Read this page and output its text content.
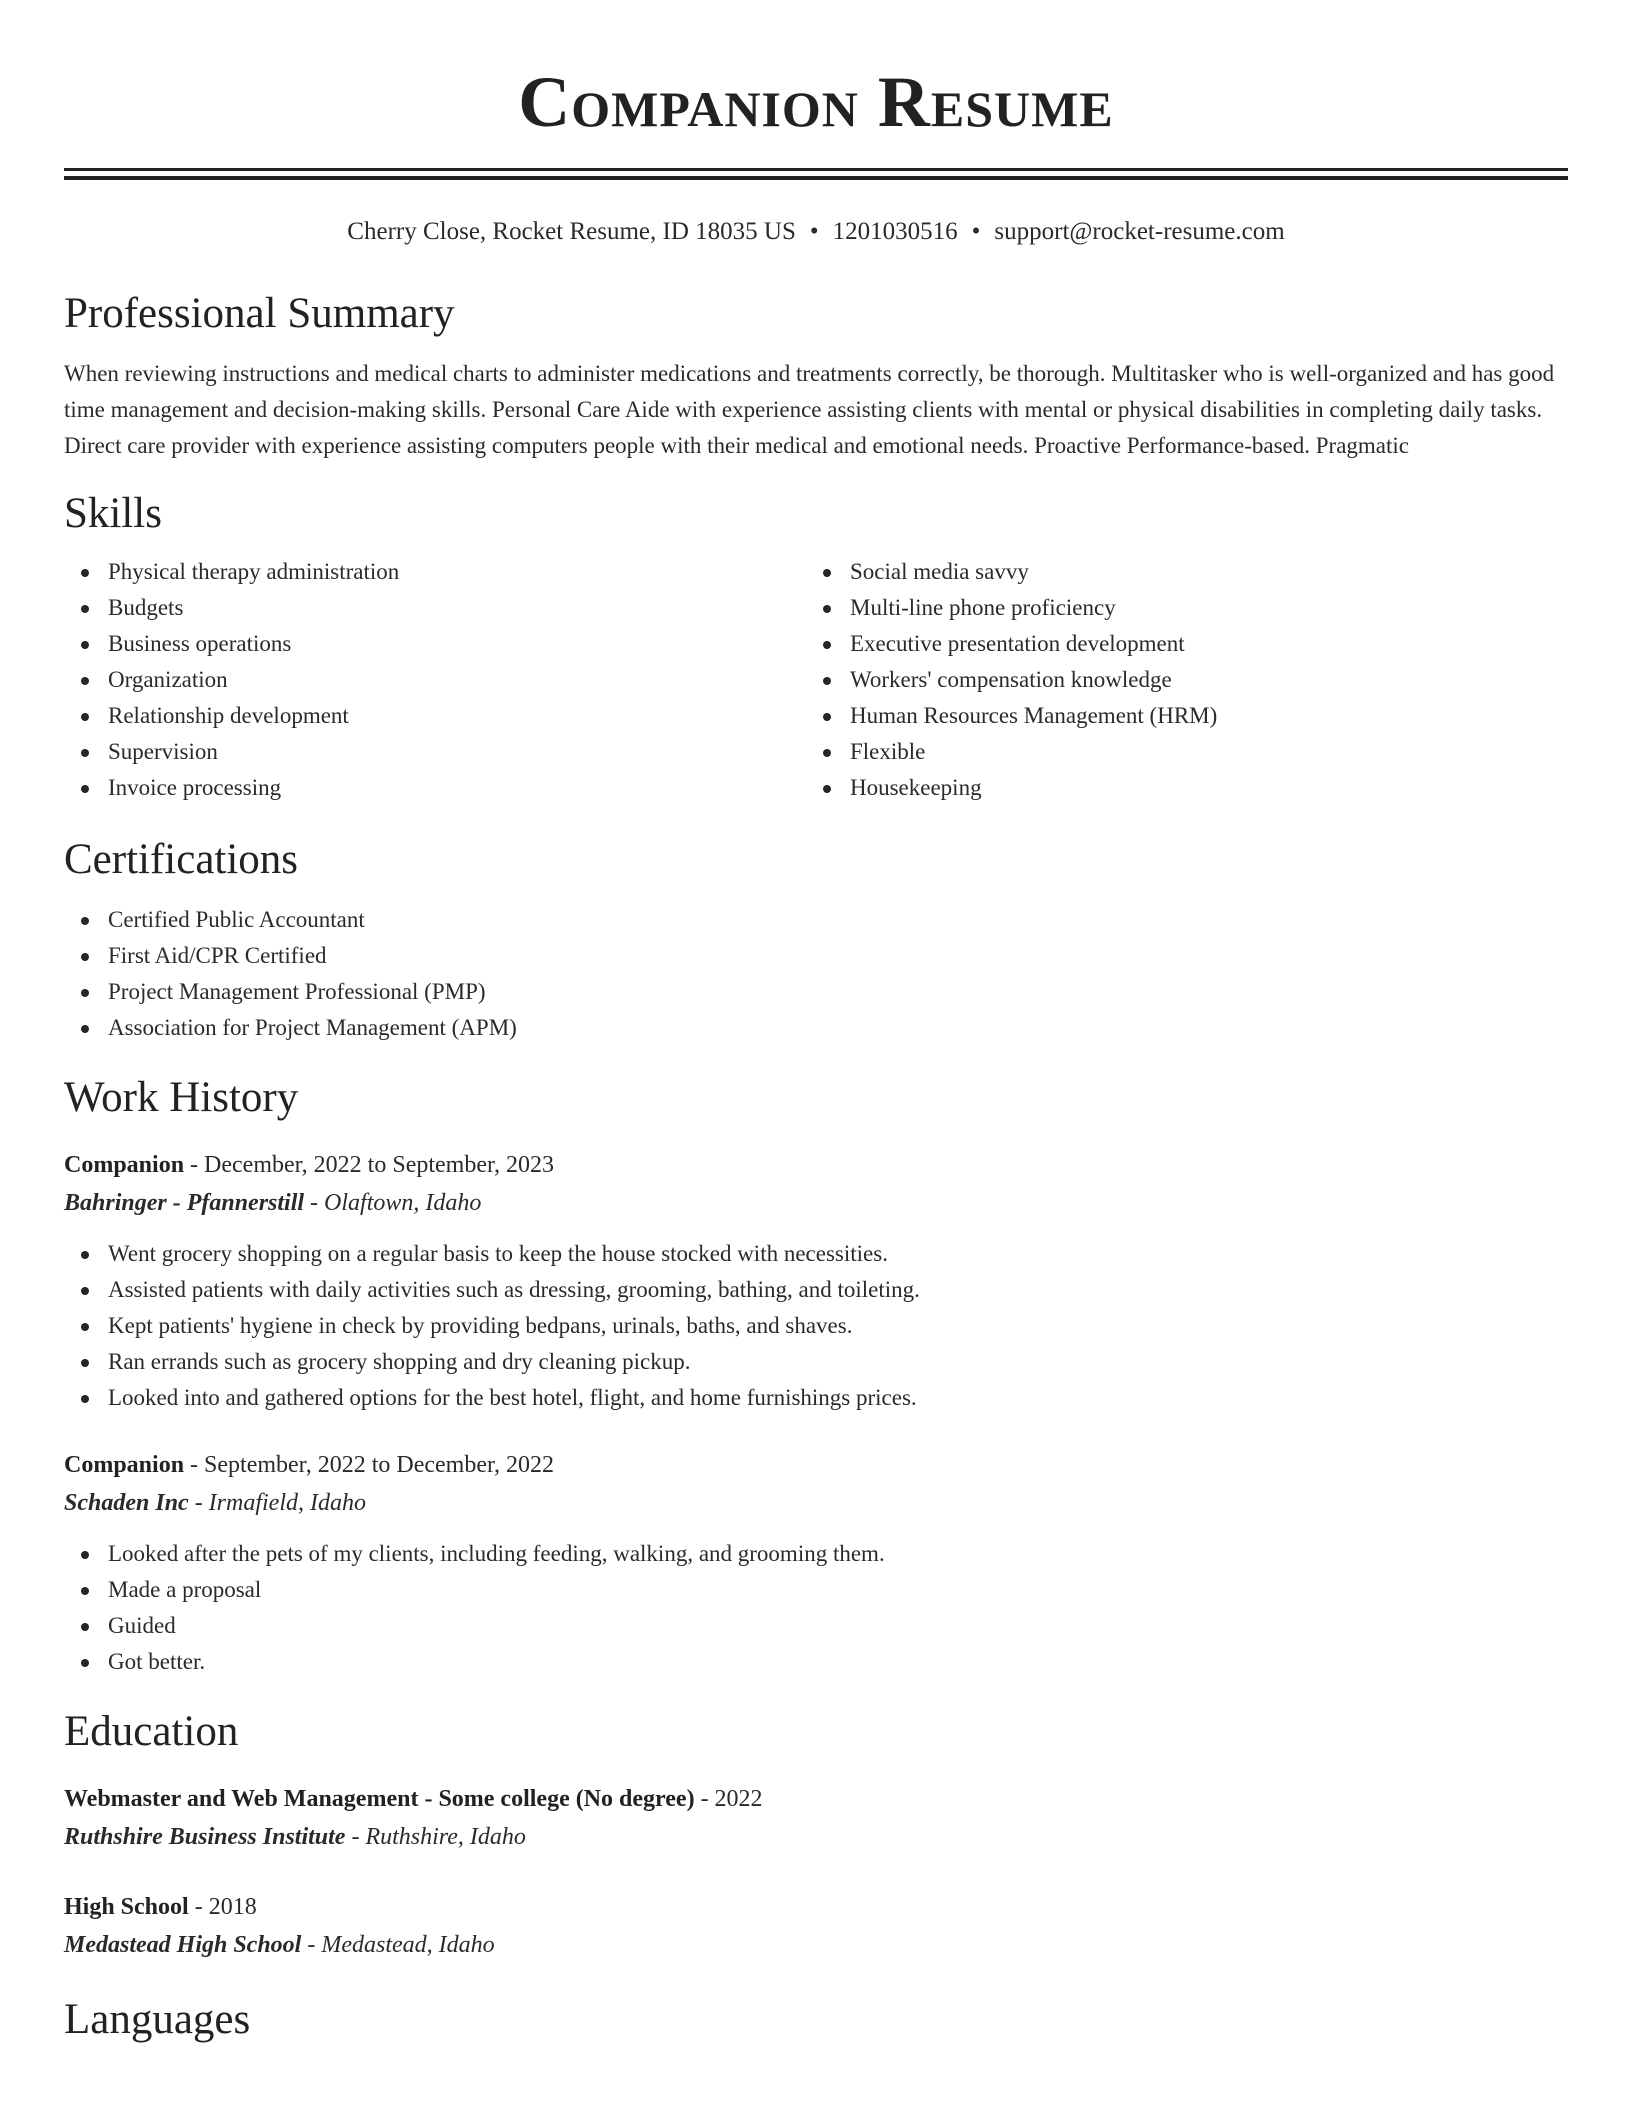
Companion Resume
Cherry Close, Rocket Resume, ID 18035 US • 1201030516 • support@rocket-resume.com
Professional Summary
When reviewing instructions and medical charts to administer medications and treatments correctly, be thorough. Multitasker who is well-organized and has good time management and decision-making skills. Personal Care Aide with experience assisting clients with mental or physical disabilities in completing daily tasks. Direct care provider with experience assisting computers people with their medical and emotional needs. Proactive Performance-based. Pragmatic
Skills
Physical therapy administration
Budgets
Business operations
Organization
Relationship development
Supervision
Invoice processing
Social media savvy
Multi-line phone proficiency
Executive presentation development
Workers' compensation knowledge
Human Resources Management (HRM)
Flexible
Housekeeping
Certifications
Certified Public Accountant
First Aid/CPR Certified
Project Management Professional (PMP)
Association for Project Management (APM)
Work History
Companion - December, 2022 to September, 2023
Bahringer - Pfannerstill - Olaftown, Idaho
Went grocery shopping on a regular basis to keep the house stocked with necessities.
Assisted patients with daily activities such as dressing, grooming, bathing, and toileting.
Kept patients' hygiene in check by providing bedpans, urinals, baths, and shaves.
Ran errands such as grocery shopping and dry cleaning pickup.
Looked into and gathered options for the best hotel, flight, and home furnishings prices.
Companion - September, 2022 to December, 2022
Schaden Inc - Irmafield, Idaho
Looked after the pets of my clients, including feeding, walking, and grooming them.
Made a proposal
Guided
Got better.
Education
Webmaster and Web Management - Some college (No degree) - 2022
Ruthshire Business Institute - Ruthshire, Idaho
High School - 2018
Medastead High School - Medastead, Idaho
Languages
